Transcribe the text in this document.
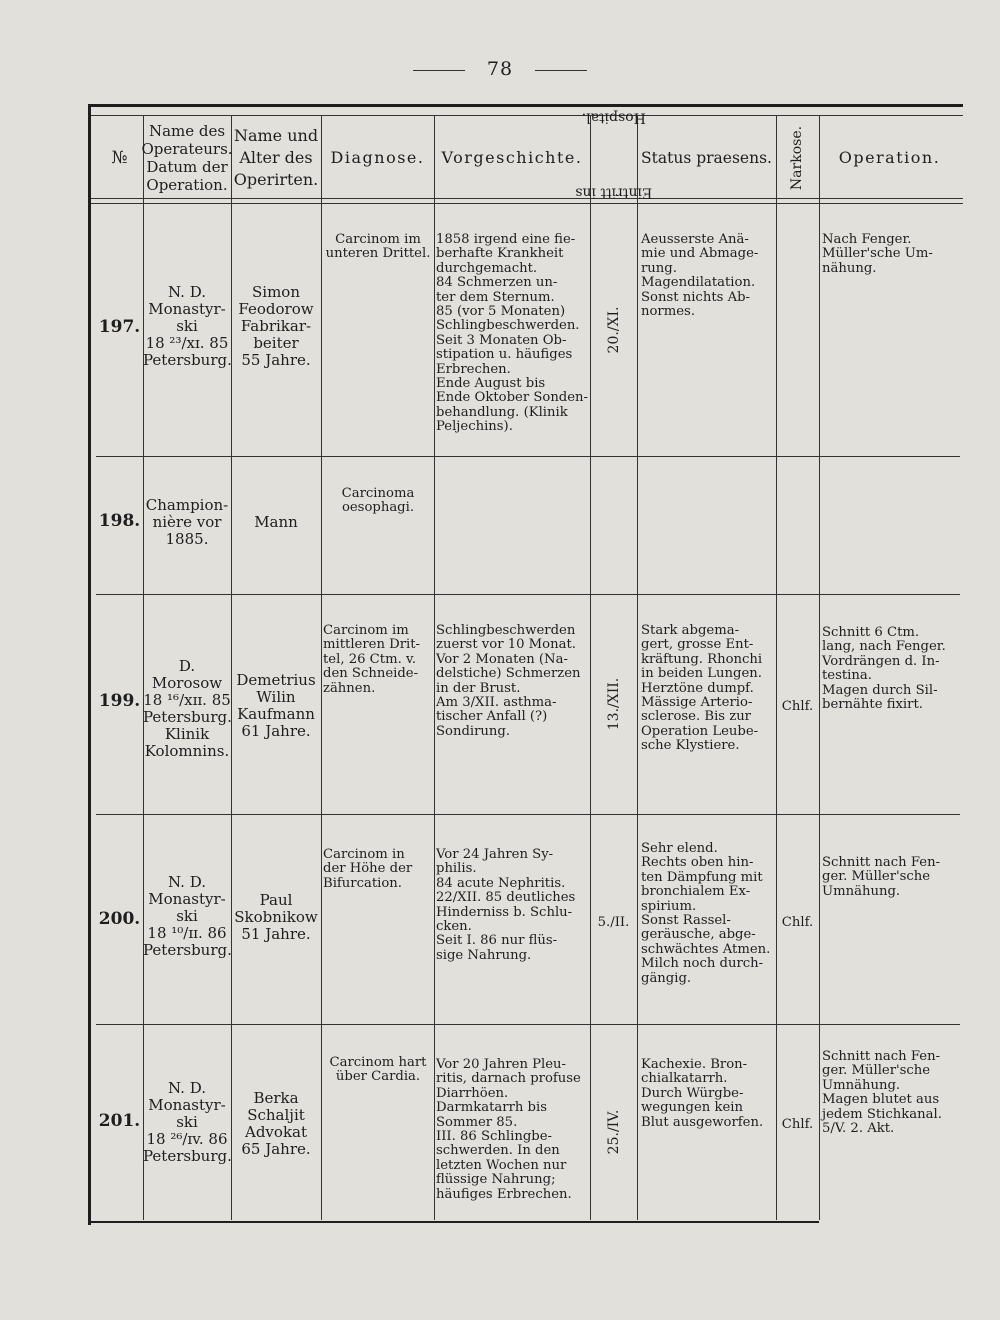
78
№
Name des
Operateurs.
Datum der
Operation.
Name und
Alter des
Operirten.
Diagnose. Vorgeschichte.
Eintritt ins Hospital.
Status praesens. Narkose. Operation.
197.
N. D.
Monastyr-
ski
18 ²³/xɪ. 85
Petersburg.
Simon
Feodorow
Fabrikar-
beiter
55 Jahre.
Carcinom im
unteren Drittel.
1858 irgend eine fie-
berhafte Krankheit
durchgemacht.
84 Schmerzen un-
ter dem Sternum.
85 (vor 5 Monaten)
Schlingbeschwerden.
Seit 3 Monaten Ob-
stipation u. häufiges
Erbrechen.
Ende August bis
Ende Oktober Sonden-
behandlung. (Klinik
Peljechins).
20./XI.
Aeusserste Anä-
mie und Abmage-
rung.
Magendilatation.
Sonst nichts Ab-
normes.
Nach Fenger.
Müller'sche Um-
nähung.
198.
Champion-
nière vor
1885.
Mann
Carcinoma
oesophagi.
199.
D. Morosow
18 ¹⁶/xɪɪ. 85
Petersburg.
Klinik
Kolomnins.
Demetrius
Wilin
Kaufmann
61 Jahre.
Carcinom im
mittleren Drit-
tel, 26 Ctm. v.
den Schneide-
zähnen.
Schlingbeschwerden
zuerst vor 10 Monat.
Vor 2 Monaten (Na-
delstiche) Schmerzen
in der Brust.
Am 3/XII. asthma-
tischer Anfall (?)
Sondirung.
13./XII.
Stark abgema-
gert, grosse Ent-
kräftung. Rhonchi
in beiden Lungen.
Herztöne dumpf.
Mässige Arterio-
sclerose. Bis zur
Operation Leube-
sche Klystiere.
Chlf.
Schnitt 6 Ctm.
lang, nach Fenger.
Vordrängen d. In-
testina.
Magen durch Sil-
bernähte fixirt.
200.
N. D.
Monastyr-
ski
18 ¹⁰/ɪɪ. 86
Petersburg.
Paul
Skobnikow
51 Jahre.
Carcinom in
der Höhe der
Bifurcation.
Vor 24 Jahren Sy-
philis.
84 acute Nephritis.
22/XII. 85 deutliches
Hinderniss b. Schlu-
cken.
Seit I. 86 nur flüs-
sige Nahrung.
5./II.
Sehr elend.
Rechts oben hin-
ten Dämpfung mit
bronchialem Ex-
spirium.
Sonst Rassel-
geräusche, abge-
schwächtes Atmen.
Milch noch durch-
gängig.
Chlf.
Schnitt nach Fen-
ger. Müller'sche
Umnähung.
201.
N. D.
Monastyr-
ski
18 ²⁶/ɪv. 86
Petersburg.
Berka
Schaljit
Advokat
65 Jahre.
Carcinom hart
über Cardia.
Vor 20 Jahren Pleu-
ritis, darnach profuse
Diarrhöen.
Darmkatarrh bis
Sommer 85.
III. 86 Schlingbe-
schwerden. In den
letzten Wochen nur
flüssige Nahrung;
häufiges Erbrechen.
25./IV.
Kachexie. Bron-
chialkatarrh.
Durch Würgbe-
wegungen kein
Blut ausgeworfen.	Chlf.
Schnitt nach Fen-
ger. Müller'sche
Umnähung.
Magen blutet aus
jedem Stichkanal.
5/V. 2. Akt.
